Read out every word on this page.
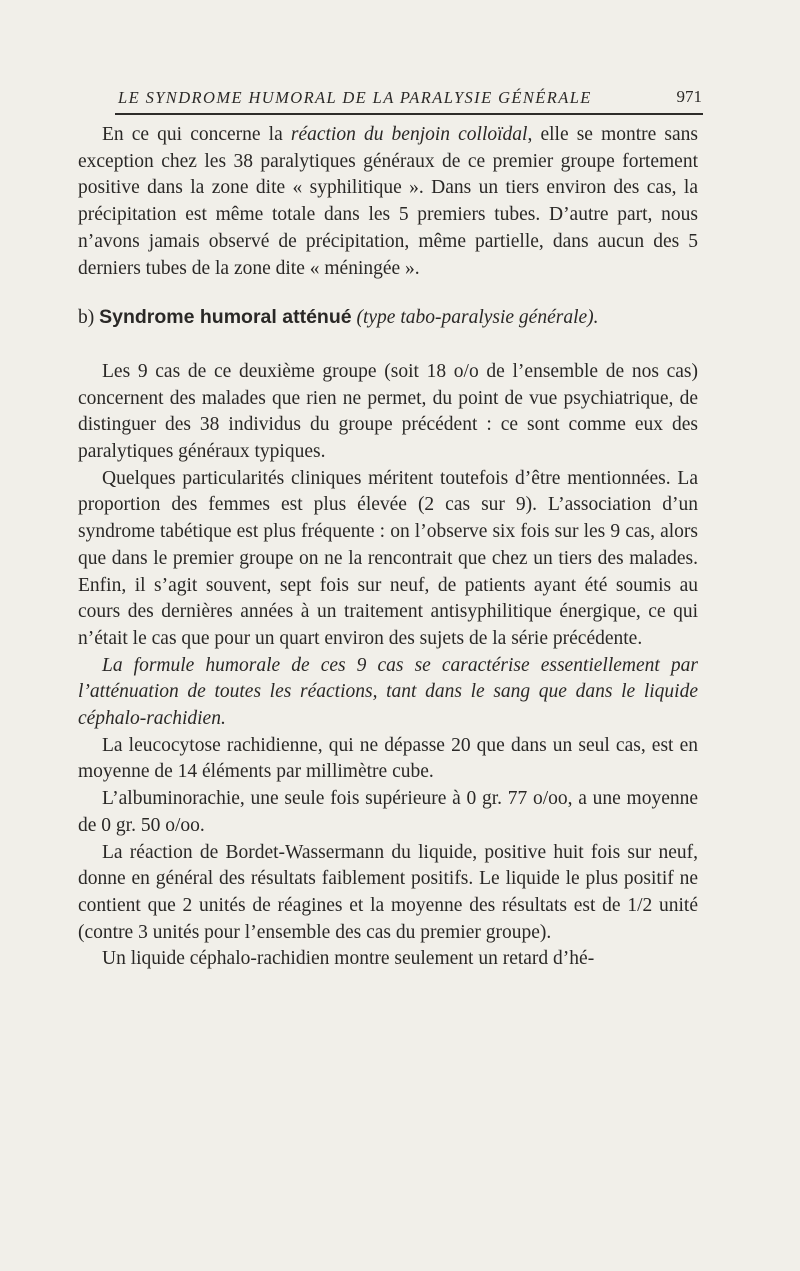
LE SYNDROME HUMORAL DE LA PARALYSIE GÉNÉRALE	971

En ce qui concerne la réaction du benjoin colloïdal, elle se montre sans exception chez les 38 paralytiques généraux de ce premier groupe fortement positive dans la zone dite « syphilitique ». Dans un tiers environ des cas, la précipitation est même totale dans les 5 premiers tubes. D’autre part, nous n’avons jamais observé de précipitation, même partielle, dans aucun des 5 derniers tubes de la zone dite « méningée ».

b) Syndrome humoral atténué (type tabo-paralysie générale).

Les 9 cas de ce deuxième groupe (soit 18 o/o de l’ensemble de nos cas) concernent des malades que rien ne permet, du point de vue psychiatrique, de distinguer des 38 individus du groupe précédent : ce sont comme eux des paralytiques généraux typiques.

Quelques particularités cliniques méritent toutefois d’être mentionnées. La proportion des femmes est plus élevée (2 cas sur 9). L’association d’un syndrome tabétique est plus fréquente : on l’observe six fois sur les 9 cas, alors que dans le premier groupe on ne la rencontrait que chez un tiers des malades. Enfin, il s’agit souvent, sept fois sur neuf, de patients ayant été soumis au cours des dernières années à un traitement antisyphilitique énergique, ce qui n’était le cas que pour un quart environ des sujets de la série précédente.

La formule humorale de ces 9 cas se caractérise essentiellement par l’atténuation de toutes les réactions, tant dans le sang que dans le liquide céphalo-rachidien.

La leucocytose rachidienne, qui ne dépasse 20 que dans un seul cas, est en moyenne de 14 éléments par millimètre cube.

L’albuminorachie, une seule fois supérieure à 0 gr. 77 o/oo, a une moyenne de 0 gr. 50 o/oo.

La réaction de Bordet-Wassermann du liquide, positive huit fois sur neuf, donne en général des résultats faiblement positifs. Le liquide le plus positif ne contient que 2 unités de réagines et la moyenne des résultats est de 1/2 unité (contre 3 unités pour l’ensemble des cas du premier groupe).

Un liquide céphalo-rachidien montre seulement un retard d’hé-
